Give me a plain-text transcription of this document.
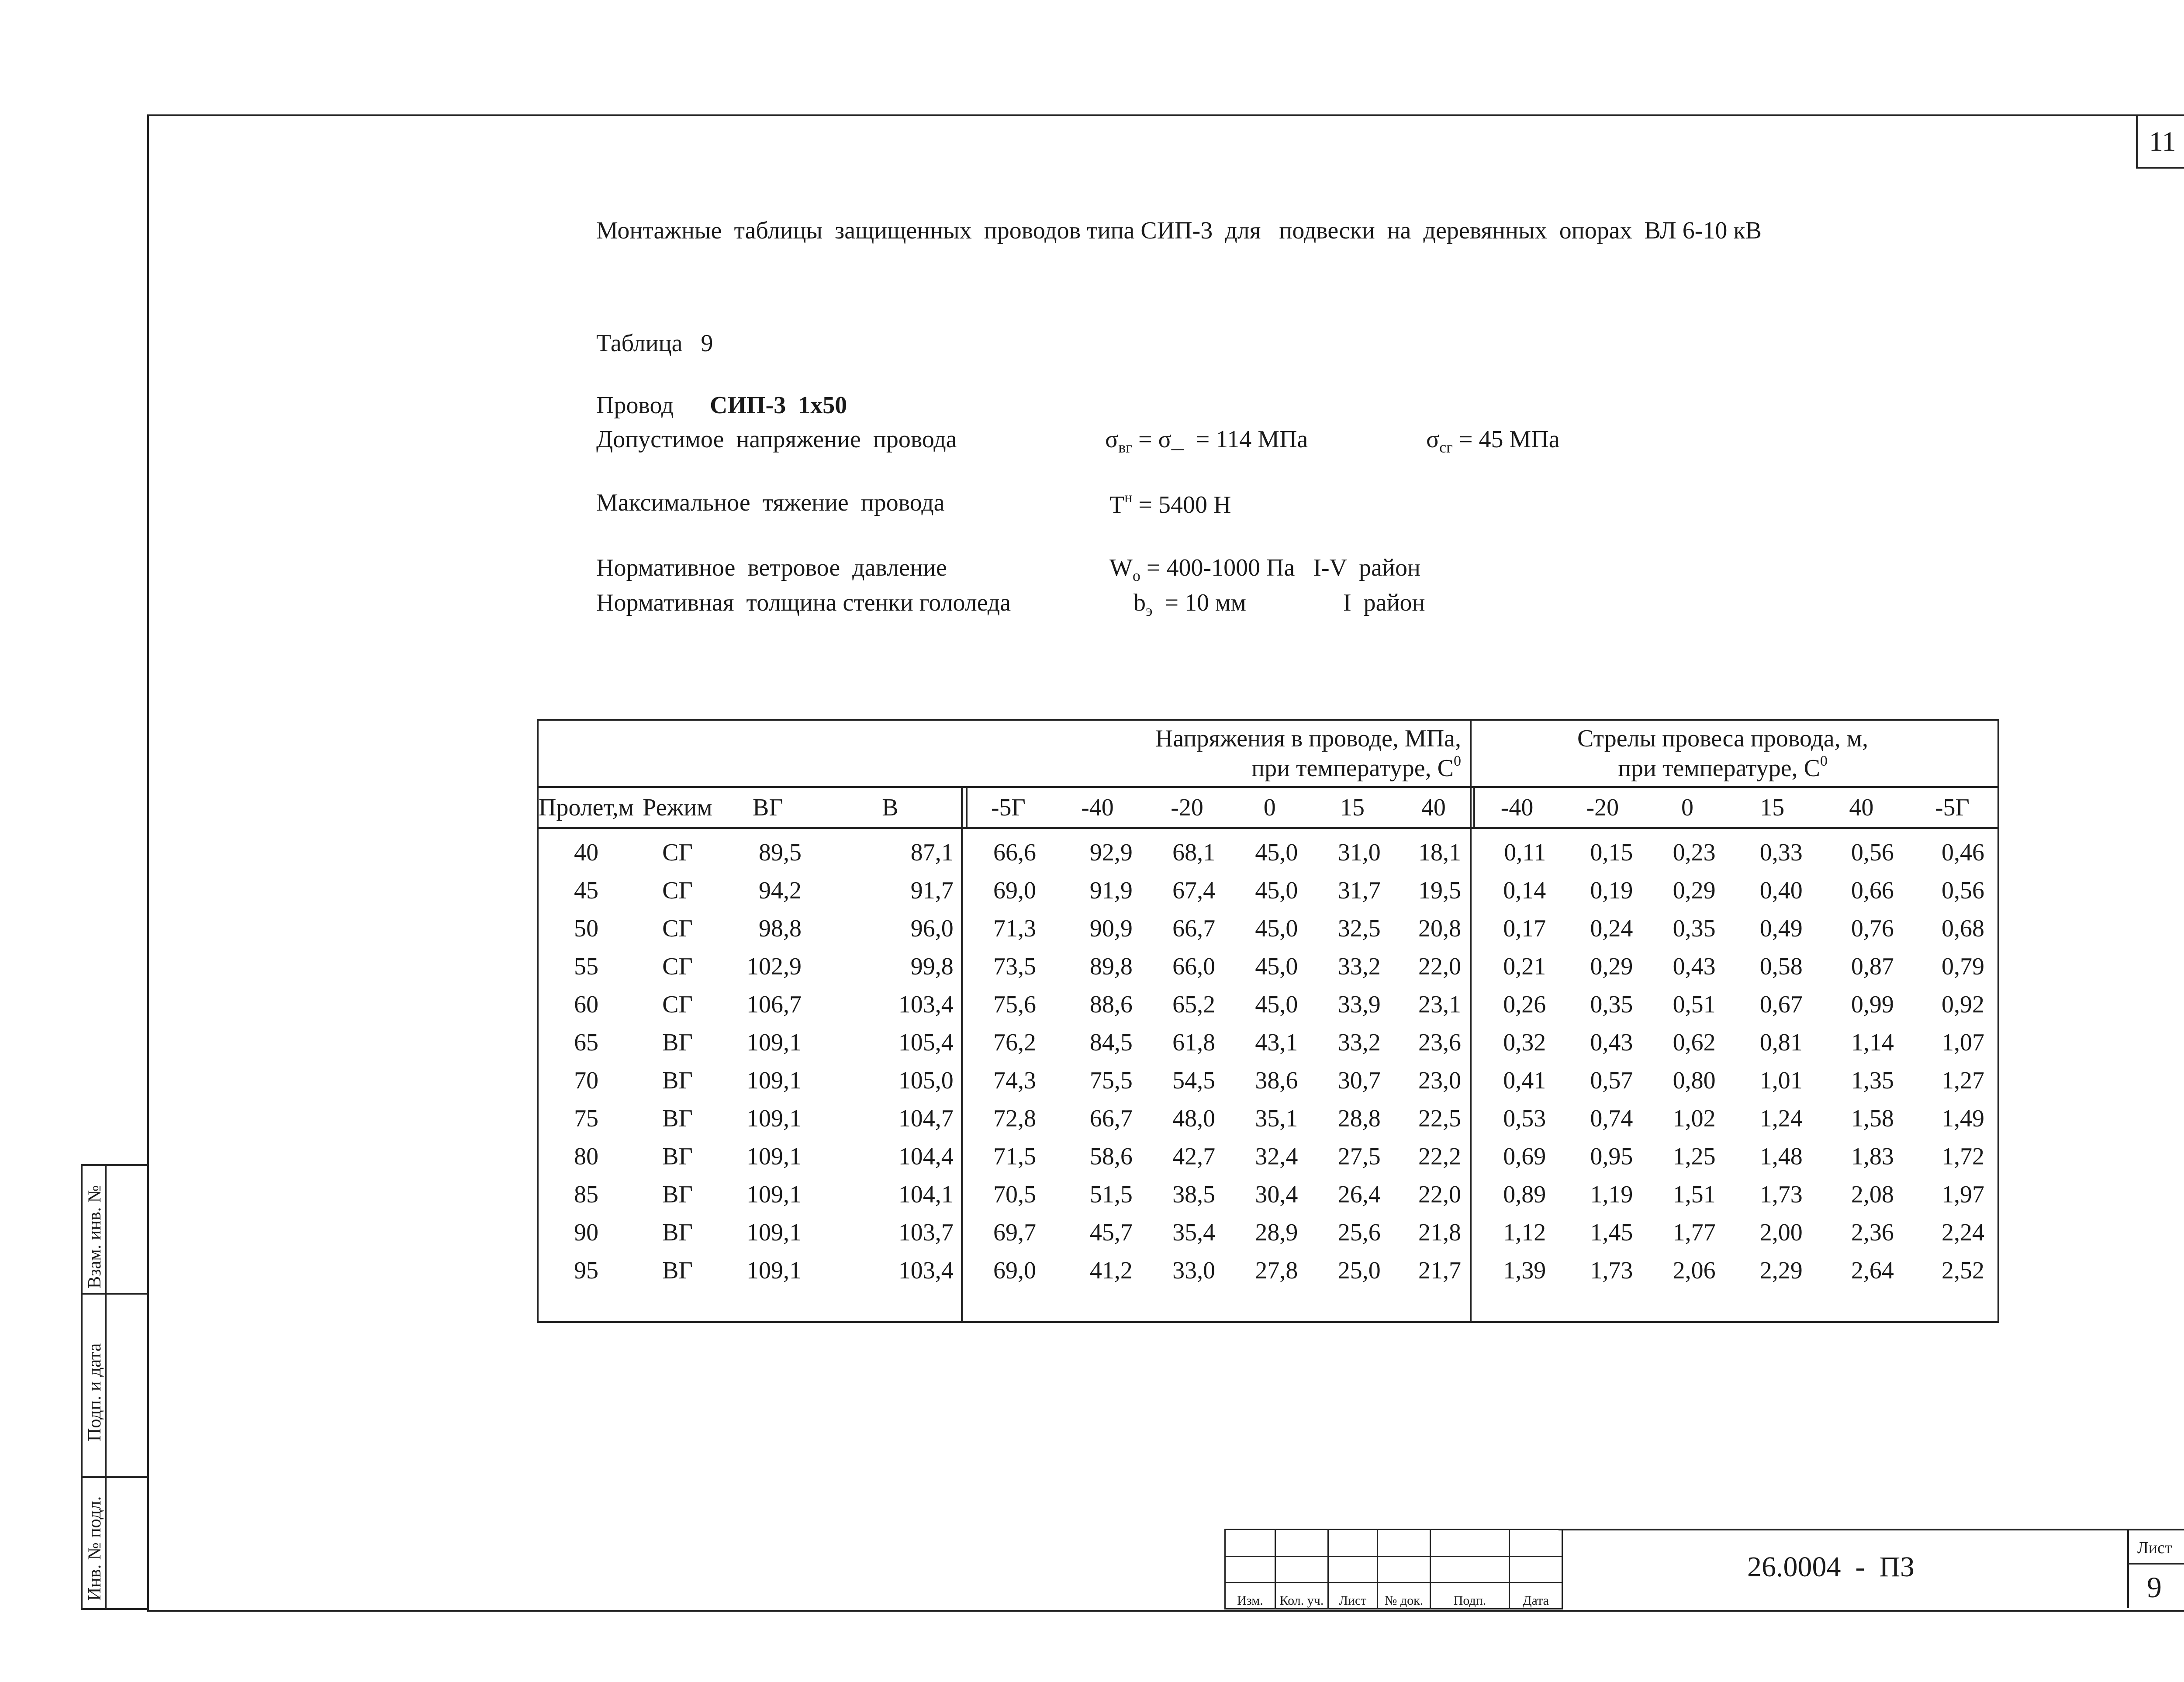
11
Монтажные  таблицы  защищенных  проводов типа СИП-3  для   подвески  на  деревянных  опорах  ВЛ 6-10 кВ
Таблица   9
Провод СИП-3  1х50
Допустимое  напряжение  провода	$\sigma_{вг}$ = σ_  = 114 МПа	$\sigma_{сг} = 45$ МПа
Максимальное  тяжение  провода	$Т^н = 5400$ Н
Нормативное  ветровое  давление	$W_о = 400-1000$ Па   I-V  район
Нормативная  толщина стенки гололеда	$b_э = 10$ мм	I  район
Напряжения в проводе, МПа,
при температуре, $С^0$										Стрелы провеса провода, м,
при температуре, $С^0$
Пролет,м	Режим	ВГ	В	-5Г	-40	-20	0	15	40	-40	-20	0	15	40	-5Г
40	СГ	89,5	87,1	66,6	92,9	68,1	45,0	31,0	18,1	0,11	0,15	0,23	0,33	0,56	0,46
45	СГ	94,2	91,7	69,0	91,9	67,4	45,0	31,7	19,5	0,14	0,19	0,29	0,40	0,66	0,56
50	СГ	98,8	96,0	71,3	90,9	66,7	45,0	32,5	20,8	0,17	0,24	0,35	0,49	0,76	0,68
55	СГ	102,9	99,8	73,5	89,8	66,0	45,0	33,2	22,0	0,21	0,29	0,43	0,58	0,87	0,79
60	СГ	106,7	103,4	75,6	88,6	65,2	45,0	33,9	23,1	0,26	0,35	0,51	0,67	0,99	0,92
65	ВГ	109,1	105,4	76,2	84,5	61,8	43,1	33,2	23,6	0,32	0,43	0,62	0,81	1,14	1,07
70	ВГ	109,1	105,0	74,3	75,5	54,5	38,6	30,7	23,0	0,41	0,57	0,80	1,01	1,35	1,27
75	ВГ	109,1	104,7	72,8	66,7	48,0	35,1	28,8	22,5	0,53	0,74	1,02	1,24	1,58	1,49
80	ВГ	109,1	104,4	71,5	58,6	42,7	32,4	27,5	22,2	0,69	0,95	1,25	1,48	1,83	1,72
85	ВГ	109,1	104,1	70,5	51,5	38,5	30,4	26,4	22,0	0,89	1,19	1,51	1,73	2,08	1,97
90	ВГ	109,1	103,7	69,7	45,7	35,4	28,9	25,6	21,8	1,12	1,45	1,77	2,00	2,36	2,24
95	ВГ	109,1	103,4	69,0	41,2	33,0	27,8	25,0	21,7	1,39	1,73	2,06	2,29	2,64	2,52
Взам. инв. №
Подп. и дата
Инв. № подл.

						Изм.	Кол. уч.	Лист	№ док.	Подп.	Дата
26.0004  -  ПЗ
Лист
9
